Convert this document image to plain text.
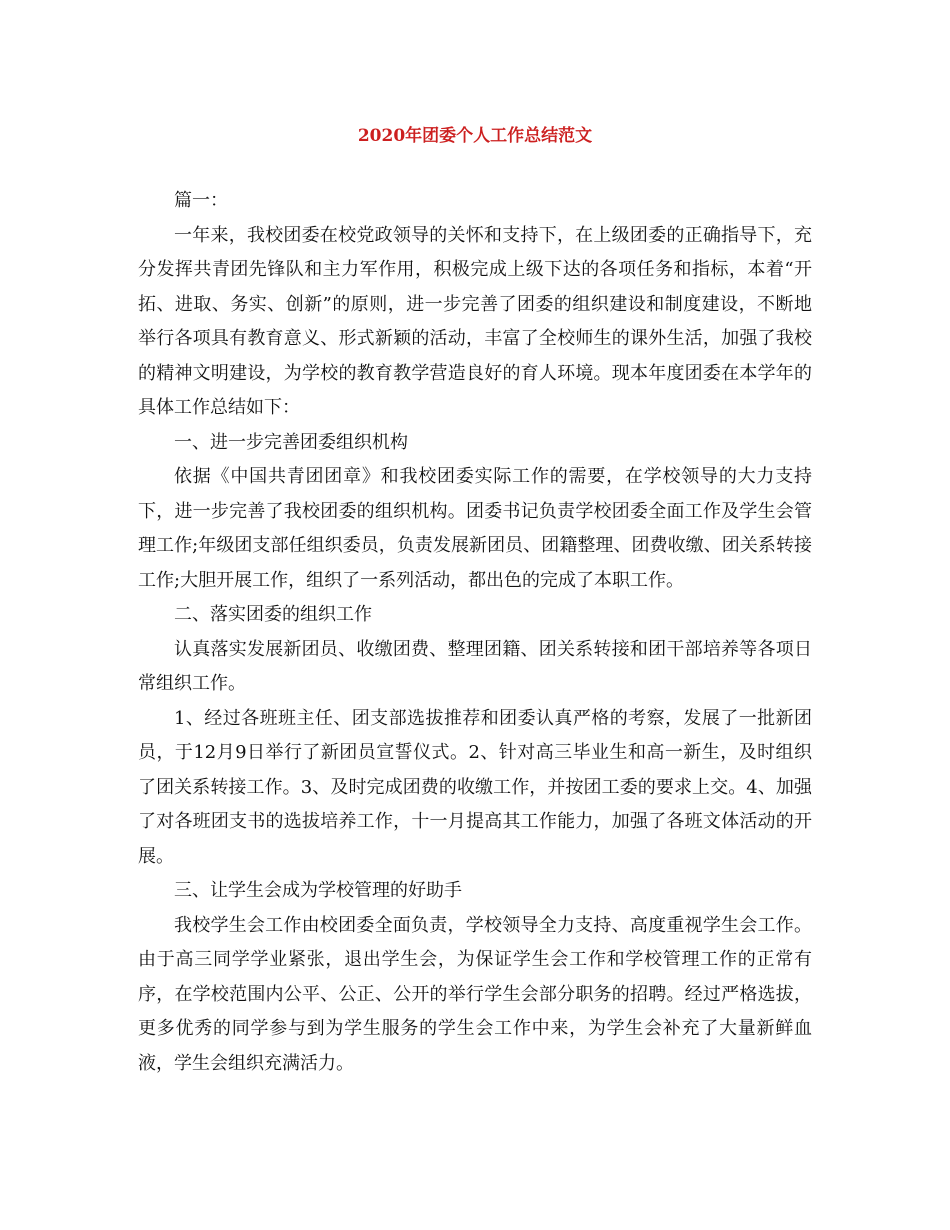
2020年团委个人工作总结范文

篇一：

一年来，我校团委在校党政领导的关怀和支持下，在上级团委的正确指导下，充分发挥共青团先锋队和主力军作用，积极完成上级下达的各项任务和指标，本着“开拓、进取、务实、创新”的原则，进一步完善了团委的组织建设和制度建设，不断地举行各项具有教育意义、形式新颖的活动，丰富了全校师生的课外生活，加强了我校的精神文明建设，为学校的教育教学营造良好的育人环境。现本年度团委在本学年的具体工作总结如下：

一、进一步完善团委组织机构

依据《中国共青团团章》和我校团委实际工作的需要，在学校领导的大力支持下，进一步完善了我校团委的组织机构。团委书记负责学校团委全面工作及学生会管理工作;年级团支部任组织委员，负责发展新团员、团籍整理、团费收缴、团关系转接工作;大胆开展工作，组织了一系列活动，都出色的完成了本职工作。

二、落实团委的组织工作

认真落实发展新团员、收缴团费、整理团籍、团关系转接和团干部培养等各项日常组织工作。

1、经过各班班主任、团支部选拔推荐和团委认真严格的考察，发展了一批新团员，于12月9日举行了新团员宣誓仪式。2、针对高三毕业生和高一新生，及时组织了团关系转接工作。3、及时完成团费的收缴工作，并按团工委的要求上交。4、加强了对各班团支书的选拔培养工作，十一月提高其工作能力，加强了各班文体活动的开展。

三、让学生会成为学校管理的好助手

我校学生会工作由校团委全面负责，学校领导全力支持、高度重视学生会工作。由于高三同学学业紧张，退出学生会，为保证学生会工作和学校管理工作的正常有序，在学校范围内公平、公正、公开的举行学生会部分职务的招聘。经过严格选拔，更多优秀的同学参与到为学生服务的学生会工作中来，为学生会补充了大量新鲜血液，学生会组织充满活力。
